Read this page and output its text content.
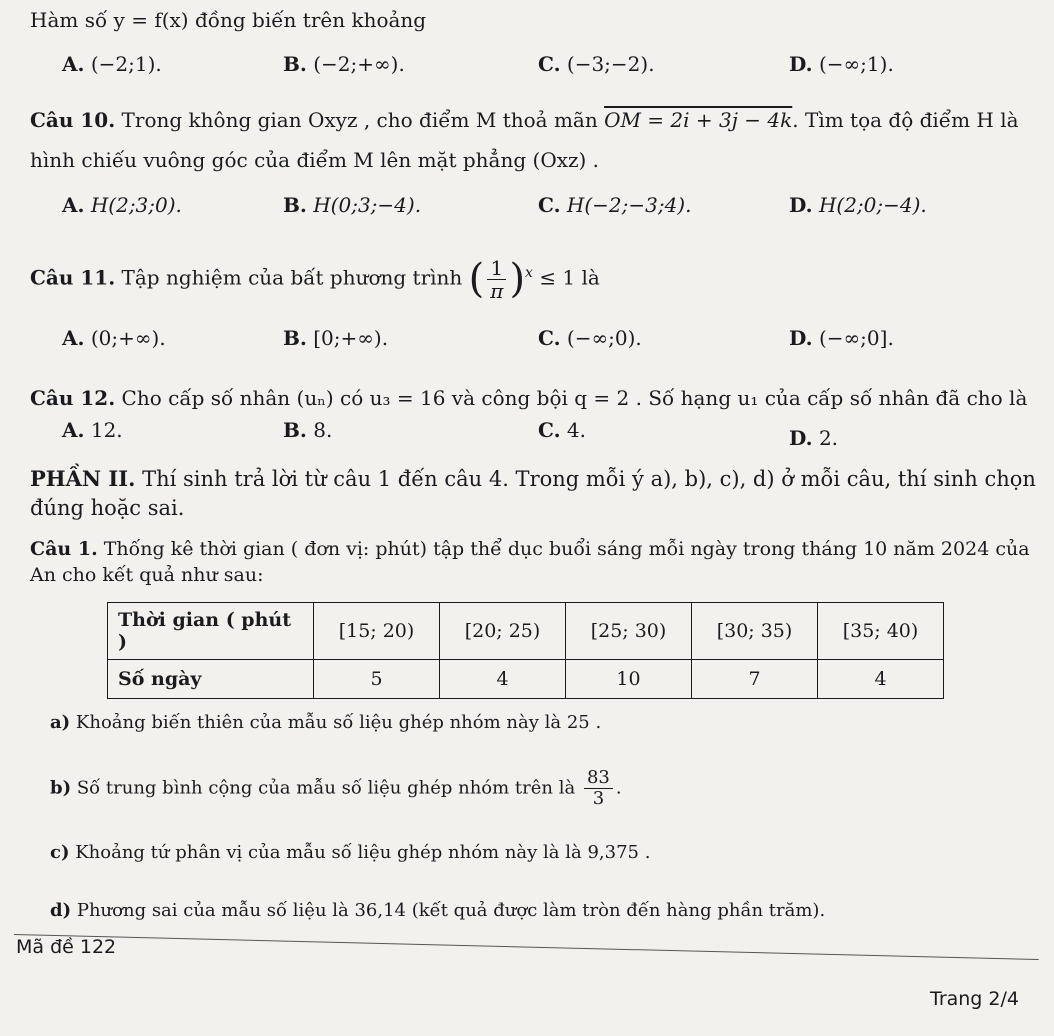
Hàm số y = f(x) đồng biến trên khoảng
A. (−2;1).	B. (−2;+∞).	C. (−3;−2).	D. (−∞;1).
Câu 10. Trong không gian Oxyz , cho điểm M thoả mãn OM = 2i + 3j − 4k. Tìm tọa độ điểm H là
hình chiếu vuông góc của điểm M lên mặt phẳng (Oxz) .
A. H(2;3;0).	B. H(0;3;−4).	C. H(−2;−3;4).	D. H(2;0;−4).
Câu 11. Tập nghiệm của bất phương trình ( $\frac{1}{\pi} )^x \le 1$ là
A. (0;+∞).	B. [0;+∞).	C. (−∞;0).	D. (−∞;0].
Câu 12. Cho cấp số nhân (uₙ) có u₃ = 16 và công bội q = 2 . Số hạng u₁ của cấp số nhân đã cho là
A. 12.	B. 8.	C. 4.	D. 2.
PHẦN II. Thí sinh trả lời từ câu 1 đến câu 4. Trong mỗi ý a), b), c), d) ở mỗi câu, thí sinh chọn
đúng hoặc sai.
Câu 1. Thống kê thời gian ( đơn vị: phút) tập thể dục buổi sáng mỗi ngày trong tháng 10 năm 2024 của
An cho kết quả như sau:
Thời gian ( phút )	[15; 20)	[20; 25)	[25; 30)	[30; 35)	[35; 40)
Số ngày	5	4	10	7	4
a) Khoảng biến thiên của mẫu số liệu ghép nhóm này là 25 .
b) Số trung bình cộng của mẫu số liệu ghép nhóm trên là $\frac{83}{3}$ .
c) Khoảng tứ phân vị của mẫu số liệu ghép nhóm này là là 9,375 .
d) Phương sai của mẫu số liệu là 36,14 (kết quả được làm tròn đến hàng phần trăm).
Mã đề 122
Trang 2/4
